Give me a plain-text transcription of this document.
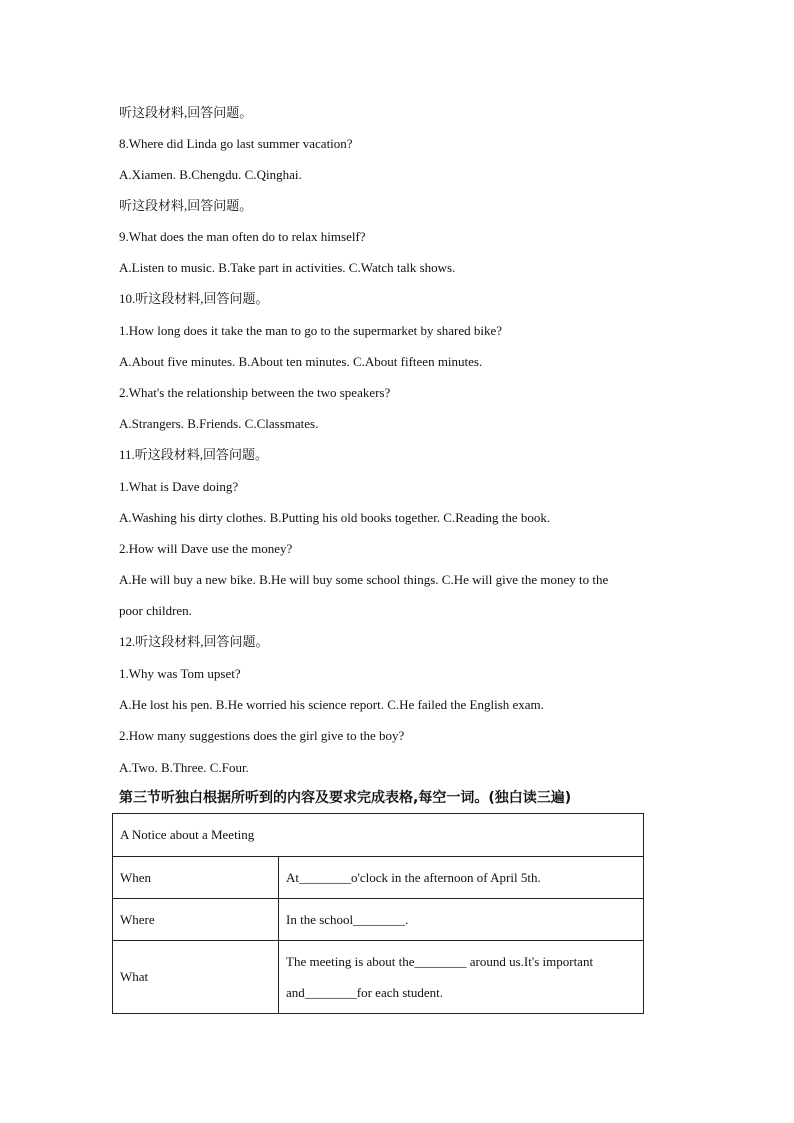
第三节听独白根据所听到的内容及要求完成表格,每空一词。(独白读三遍)
A Notice about a Meeting	
When	At________o'clock in the afternoon of April 5th.
Where	In the school________.
What	The meeting is about the________ around us.It's important
and________for each student.
听这段材料,回答问题。
8.Where did Linda go last summer vacation?
A.Xiamen. B.Chengdu. C.Qinghai.
听这段材料,回答问题。
9.What does the man often do to relax himself?
A.Listen to music. B.Take part in activities. C.Watch talk shows.
10.听这段材料,回答问题。
1.How long does it take the man to go to the supermarket by shared bike?
A.About five minutes. B.About ten minutes. C.About fifteen minutes.
2.What's the relationship between the two speakers?
A.Strangers. B.Friends. C.Classmates.
11.听这段材料,回答问题。
1.What is Dave doing?
A.Washing his dirty clothes. B.Putting his old books together. C.Reading the book.
2.How will Dave use the money?
A.He will buy a new bike. B.He will buy some school things. C.He will give the money to the
poor children.
12.听这段材料,回答问题。
1.Why was Tom upset?
A.He lost his pen. B.He worried his science report. C.He failed the English exam.
2.How many suggestions does the girl give to the boy?
A.Two. B.Three. C.Four.
